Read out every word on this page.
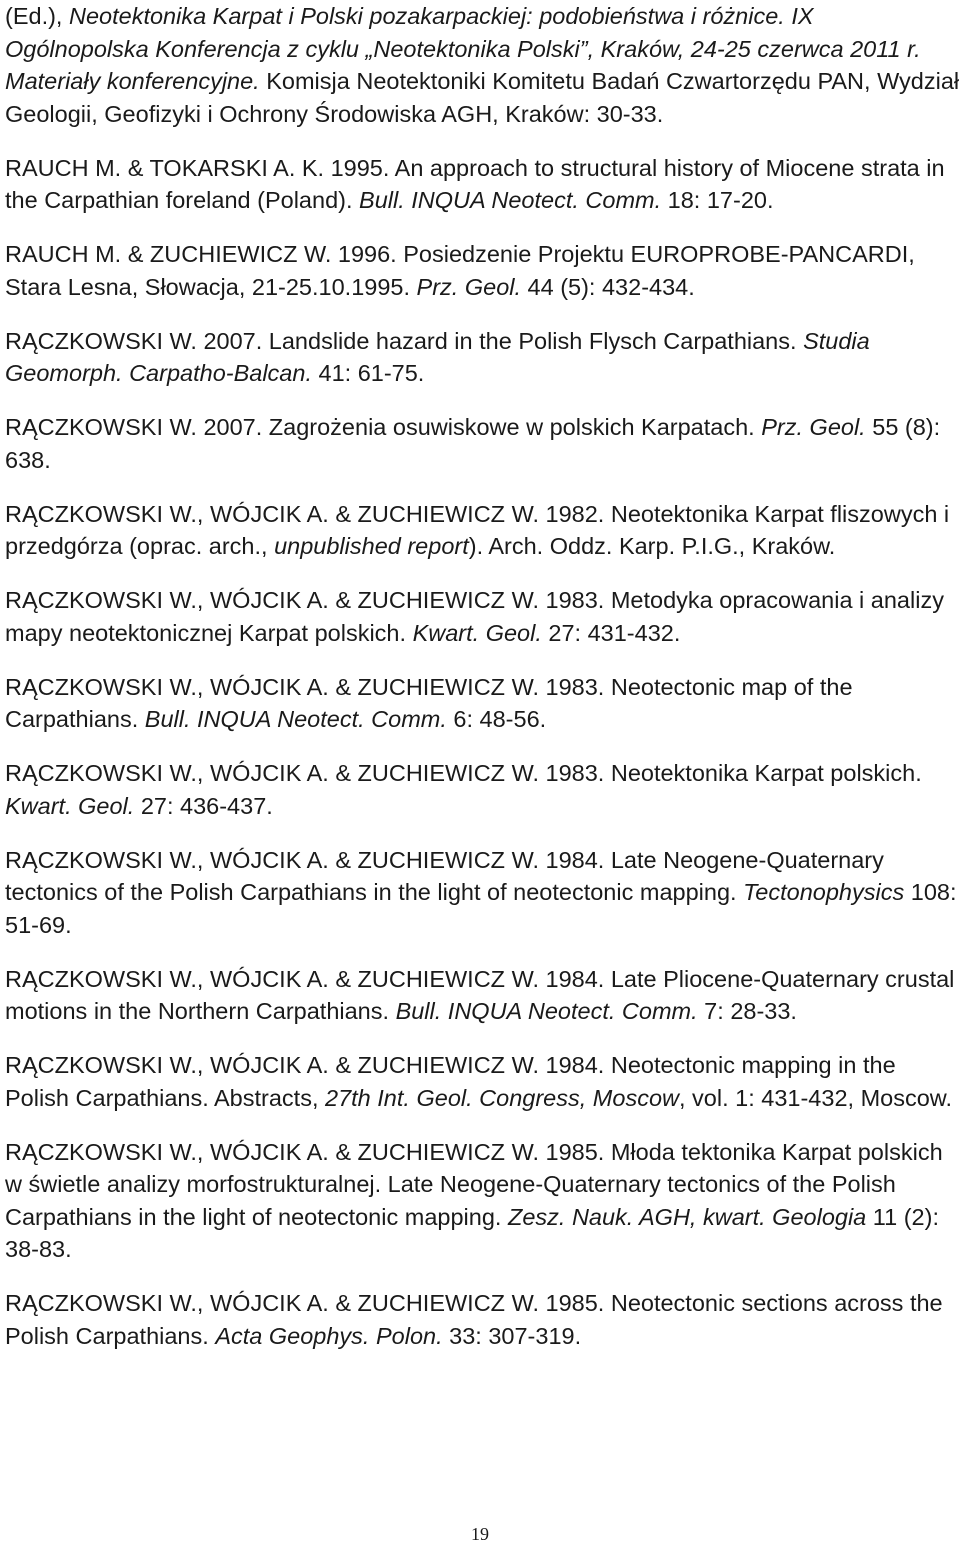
(Ed.), Neotektonika Karpat i Polski pozakarpackiej: podobieństwa i różnice. IX Ogólnopolska Konferencja z cyklu „Neotektonika Polski”, Kraków, 24-25 czerwca 2011 r. Materiały konferencyjne. Komisja Neotektoniki Komitetu Badań Czwartorzędu PAN, Wydział Geologii, Geofizyki i Ochrony Środowiska AGH, Kraków: 30-33.

RAUCH M. & TOKARSKI A. K. 1995. An approach to structural history of Miocene strata in the Carpathian foreland (Poland). Bull. INQUA Neotect. Comm. 18: 17-20.

RAUCH M. & ZUCHIEWICZ W. 1996. Posiedzenie Projektu EUROPROBE-PANCARDI, Stara Lesna, Słowacja, 21-25.10.1995. Prz. Geol. 44 (5): 432-434.

RĄCZKOWSKI W. 2007. Landslide hazard in the Polish Flysch Carpathians. Studia Geomorph. Carpatho-Balcan. 41: 61-75.

RĄCZKOWSKI W. 2007. Zagrożenia osuwiskowe w polskich Karpatach. Prz. Geol. 55 (8): 638.

RĄCZKOWSKI W., WÓJCIK A. & ZUCHIEWICZ W. 1982. Neotektonika Karpat fliszowych i przedgórza (oprac. arch., unpublished report). Arch. Oddz. Karp. P.I.G., Kraków.

RĄCZKOWSKI W., WÓJCIK A. & ZUCHIEWICZ W. 1983. Metodyka opracowania i analizy mapy neotektonicznej Karpat polskich. Kwart. Geol. 27: 431-432.

RĄCZKOWSKI W., WÓJCIK A. & ZUCHIEWICZ W. 1983. Neotectonic map of the Carpathians. Bull. INQUA Neotect. Comm. 6: 48-56.

RĄCZKOWSKI W., WÓJCIK A. & ZUCHIEWICZ W. 1983. Neotektonika Karpat polskich. Kwart. Geol. 27: 436-437.

RĄCZKOWSKI W., WÓJCIK A. & ZUCHIEWICZ W. 1984. Late Neogene-Quaternary tectonics of the Polish Carpathians in the light of neotectonic mapping. Tectonophysics 108: 51-69.

RĄCZKOWSKI W., WÓJCIK A. & ZUCHIEWICZ W. 1984. Late Pliocene-Quaternary crustal motions in the Northern Carpathians. Bull. INQUA Neotect. Comm. 7: 28-33.

RĄCZKOWSKI W., WÓJCIK A. & ZUCHIEWICZ W. 1984. Neotectonic mapping in the Polish Carpathians. Abstracts, 27th Int. Geol. Congress, Moscow, vol. 1: 431-432, Moscow.

RĄCZKOWSKI W., WÓJCIK A. & ZUCHIEWICZ W. 1985. Młoda tektonika Karpat polskich w świetle analizy morfostrukturalnej. Late Neogene-Quaternary tectonics of the Polish Carpathians in the light of neotectonic mapping. Zesz. Nauk. AGH, kwart. Geologia 11 (2): 38-83.

RĄCZKOWSKI W., WÓJCIK A. & ZUCHIEWICZ W. 1985. Neotectonic sections across the Polish Carpathians. Acta Geophys. Polon. 33: 307-319.

19
